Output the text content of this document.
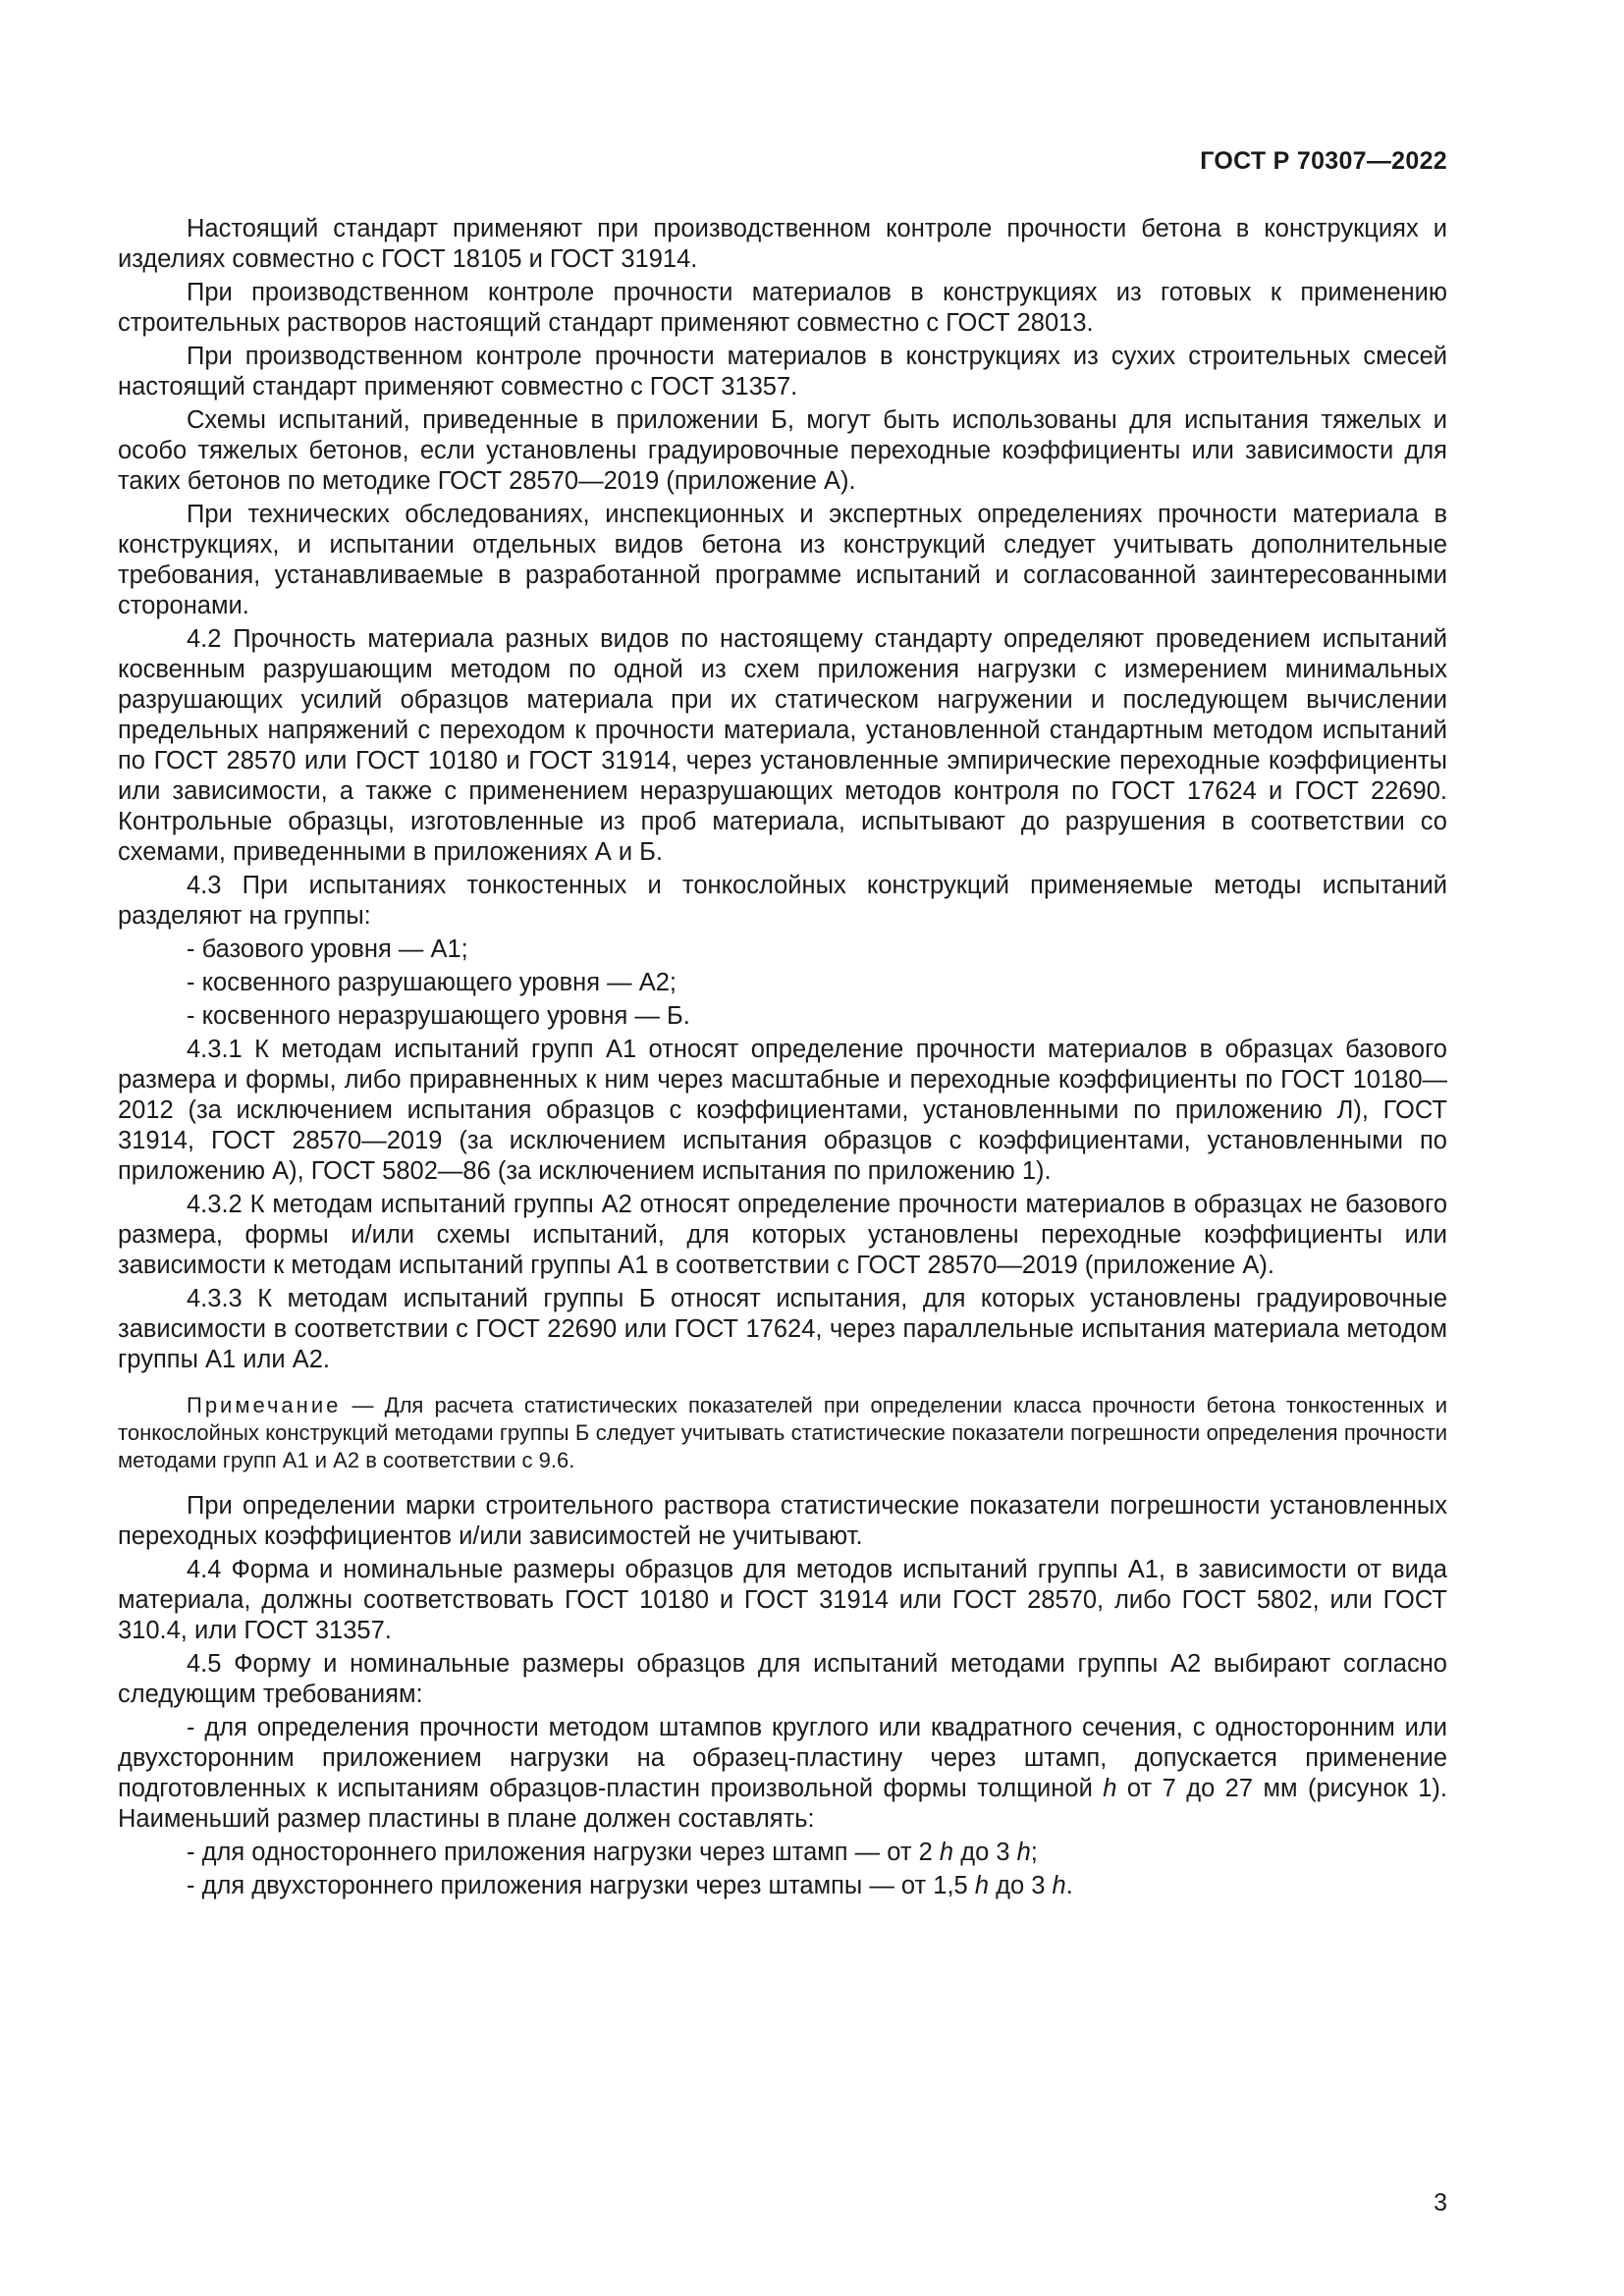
ГОСТ Р 70307—2022

Настоящий стандарт применяют при производственном контроле прочности бетона в конструкциях и изделиях совместно с ГОСТ 18105 и ГОСТ 31914.

При производственном контроле прочности материалов в конструкциях из готовых к применению строительных растворов настоящий стандарт применяют совместно с ГОСТ 28013.

При производственном контроле прочности материалов в конструкциях из сухих строительных смесей настоящий стандарт применяют совместно с ГОСТ 31357.

Схемы испытаний, приведенные в приложении Б, могут быть использованы для испытания тяжелых и особо тяжелых бетонов, если установлены градуировочные переходные коэффициенты или зависимости для таких бетонов по методике ГОСТ 28570—2019 (приложение А).

При технических обследованиях, инспекционных и экспертных определениях прочности материала в конструкциях, и испытании отдельных видов бетона из конструкций следует учитывать дополнительные требования, устанавливаемые в разработанной программе испытаний и согласованной заинтересованными сторонами.

4.2 Прочность материала разных видов по настоящему стандарту определяют проведением испытаний косвенным разрушающим методом по одной из схем приложения нагрузки с измерением минимальных разрушающих усилий образцов материала при их статическом нагружении и последующем вычислении предельных напряжений с переходом к прочности материала, установленной стандартным методом испытаний по ГОСТ 28570 или ГОСТ 10180 и ГОСТ 31914, через установленные эмпирические переходные коэффициенты или зависимости, а также с применением неразрушающих методов контроля по ГОСТ 17624 и ГОСТ 22690. Контрольные образцы, изготовленные из проб материала, испытывают до разрушения в соответствии со схемами, приведенными в приложениях А и Б.

4.3 При испытаниях тонкостенных и тонкослойных конструкций применяемые методы испытаний разделяют на группы:

- базового уровня — А1;

- косвенного разрушающего уровня — А2;

- косвенного неразрушающего уровня — Б.

4.3.1 К методам испытаний групп А1 относят определение прочности материалов в образцах базового размера и формы, либо приравненных к ним через масштабные и переходные коэффициенты по ГОСТ 10180—2012 (за исключением испытания образцов с коэффициентами, установленными по приложению Л), ГОСТ 31914, ГОСТ 28570—2019 (за исключением испытания образцов с коэффициентами, установленными по приложению А), ГОСТ 5802—86 (за исключением испытания по приложению 1).

4.3.2 К методам испытаний группы А2 относят определение прочности материалов в образцах не базового размера, формы и/или схемы испытаний, для которых установлены переходные коэффициенты или зависимости к методам испытаний группы А1 в соответствии с ГОСТ 28570—2019 (приложение А).

4.3.3 К методам испытаний группы Б относят испытания, для которых установлены градуировочные зависимости в соответствии с ГОСТ 22690 или ГОСТ 17624, через параллельные испытания материала методом группы А1 или А2.

Примечание — Для расчета статистических показателей при определении класса прочности бетона тонкостенных и тонкослойных конструкций методами группы Б следует учитывать статистические показатели погрешности определения прочности методами групп А1 и А2 в соответствии с 9.6.

При определении марки строительного раствора статистические показатели погрешности установленных переходных коэффициентов и/или зависимостей не учитывают.

4.4 Форма и номинальные размеры образцов для методов испытаний группы А1, в зависимости от вида материала, должны соответствовать ГОСТ 10180 и ГОСТ 31914 или ГОСТ 28570, либо ГОСТ 5802, или ГОСТ 310.4, или ГОСТ 31357.

4.5 Форму и номинальные размеры образцов для испытаний методами группы А2 выбирают согласно следующим требованиям:

- для определения прочности методом штампов круглого или квадратного сечения, с односторонним или двухсторонним приложением нагрузки на образец-пластину через штамп, допускается применение подготовленных к испытаниям образцов-пластин произвольной формы толщиной h от 7 до 27 мм (рисунок 1). Наименьший размер пластины в плане должен составлять:

- для одностороннего приложения нагрузки через штамп — от 2 h до 3 h;

- для двухстороннего приложения нагрузки через штампы — от 1,5 h до 3 h.

3
